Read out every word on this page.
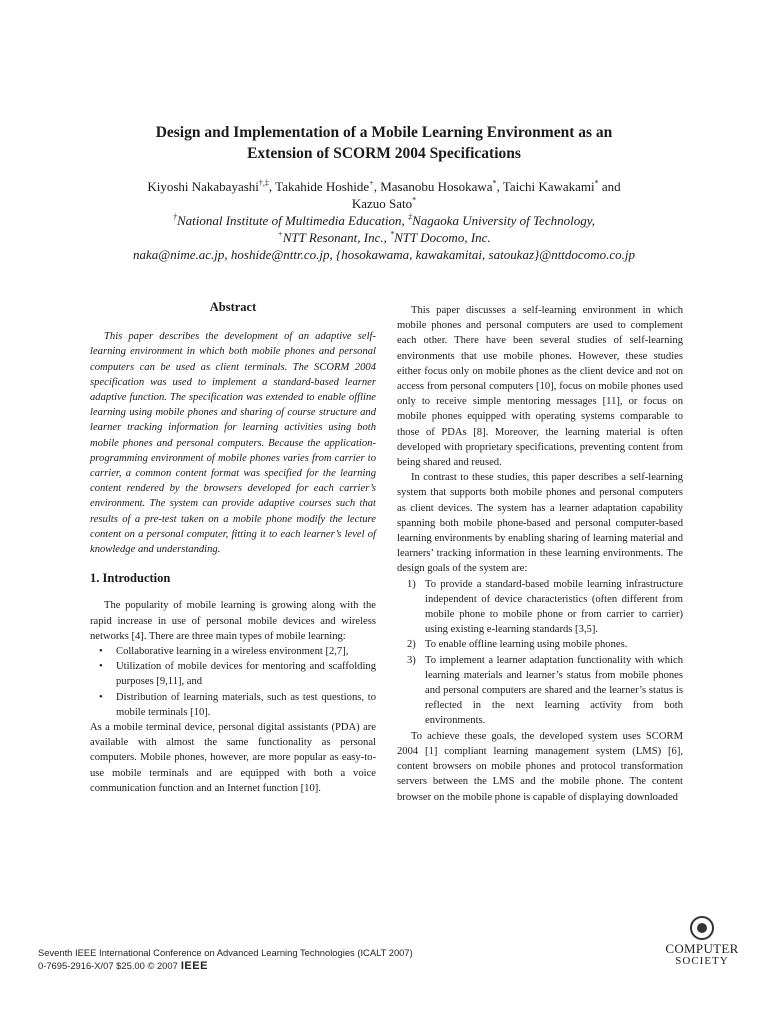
Design and Implementation of a Mobile Learning Environment as an
Extension of SCORM 2004 Specifications
Kiyoshi Nakabayashi†,‡, Takahide Hoshide+, Masanobu Hosokawa*, Taichi Kawakami* and
Kazuo Sato*
†National Institute of Multimedia Education, ‡Nagaoka University of Technology,
+NTT Resonant, Inc., *NTT Docomo, Inc.
naka@nime.ac.jp, hoshide@nttr.co.jp, {hosokawama, kawakamitai, satoukaz}@nttdocomo.co.jp
Abstract

This paper describes the development of an adaptive self-learning environment in which both mobile phones and personal computers can be used as client terminals. The SCORM 2004 specification was used to implement a standard-based learner adaptive function. The specification was extended to enable offline learning using mobile phones and sharing of course structure and learner tracking information for learning activities using both mobile phones and personal computers. Because the application-programming environment of mobile phones varies from carrier to carrier, a common content format was specified for the learning content rendered by the browsers developed for each carrier’s environment. The system can provide adaptive courses such that results of a pre-test taken on a mobile phone modify the lecture content on a personal computer, fitting it to each learner’s level of knowledge and understanding.

1. Introduction

The popularity of mobile learning is growing along with the rapid increase in use of personal mobile devices and wireless networks [4]. There are three main types of mobile learning:

• Collaborative learning in a wireless environment [2,7],
• Utilization of mobile devices for mentoring and scaffolding purposes [9,11], and
• Distribution of learning materials, such as test questions, to mobile terminals [10].

As a mobile terminal device, personal digital assistants (PDA) are available with almost the same functionality as personal computers. Mobile phones, however, are more popular as easy-to-use mobile terminals and are equipped with both a voice communication function and an Internet function [10].

This paper discusses a self-learning environment in which mobile phones and personal computers are used to complement each other. There have been several studies of self-learning environments that use mobile phones. However, these studies either focus only on mobile phones as the client device and not on access from personal computers [10], focus on mobile phones used only to receive simple mentoring messages [11], or focus on mobile phones equipped with operating systems comparable to those of PDAs [8]. Moreover, the learning material is often developed with proprietary specifications, preventing content from being shared and reused.

In contrast to these studies, this paper describes a self-learning system that supports both mobile phones and personal computers as client devices. The system has a learner adaptation capability spanning both mobile phone-based and personal computer-based learning environments by enabling sharing of learning material and learners’ tracking information in these learning environments. The design goals of the system are:

1) To provide a standard-based mobile learning infrastructure independent of device characteristics (often different from mobile phone to mobile phone or from carrier to carrier) using existing e-learning standards [3,5].
2) To enable offline learning using mobile phones.
3) To implement a learner adaptation functionality with which learning materials and learner’s status from mobile phones and personal computers are shared and the learner’s status is reflected in the next learning activity from both environments.

To achieve these goals, the developed system uses SCORM 2004 [1] compliant learning management system (LMS) [6], content browsers on mobile phones and protocol transformation servers between the LMS and the mobile phone. The content browser on the mobile phone is capable of displaying downloaded

Seventh IEEE International Conference on Advanced Learning Technologies (ICALT 2007)
0-7695-2916-X/07 $25.00 © 2007 IEEE
COMPUTER
SOCIETY
